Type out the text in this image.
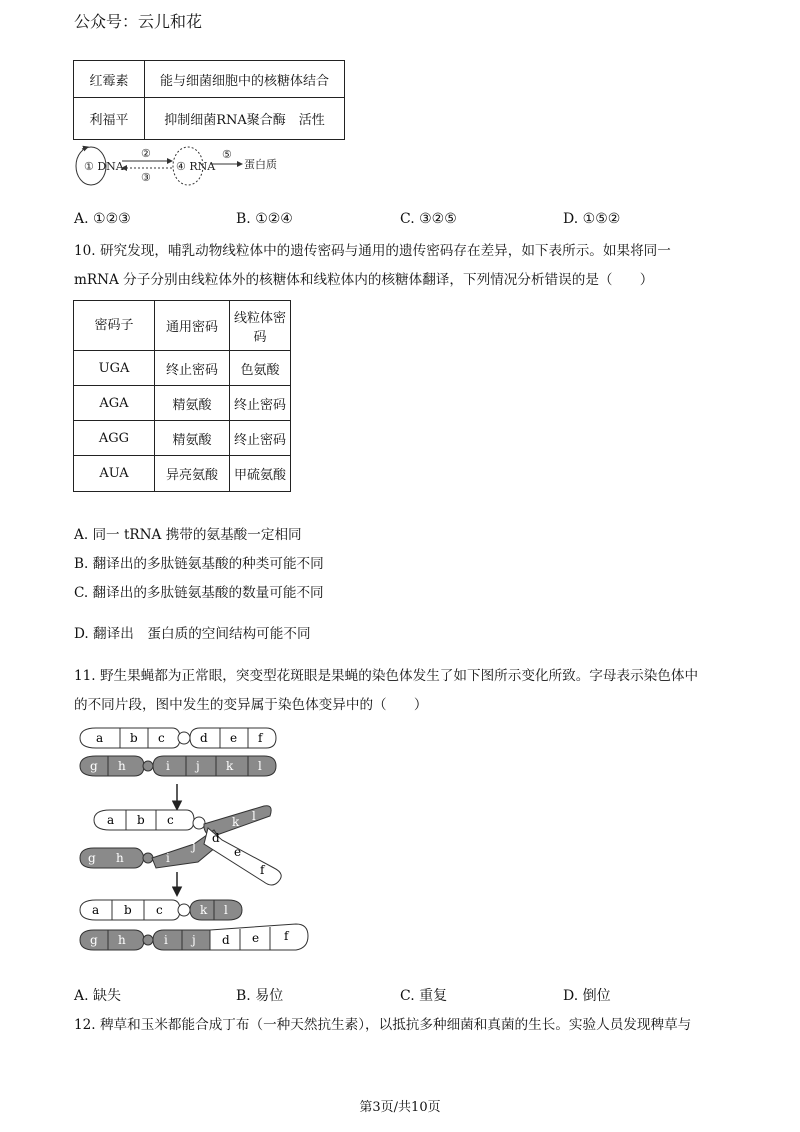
公众号：云儿和花
红霉素	能与细菌细胞中的核糖体结合
利福平	抑制细菌RNA聚合酶　活性
① DNA
②
③
④ RNA
⑤
蛋白质
A. ①②③	B. ①②④	C. ③②⑤	D. ①⑤②
10. 研究发现，哺乳动物线粒体中的遗传密码与通用的遗传密码存在差异，如下表所示。如果将同一
mRNA 分子分别由线粒体外的核糖体和线粒体内的核糖体翻译，下列情况分析错误的是（　　）
密码子	通用密码	线粒体密码
UGA	终止密码	色氨酸
AGA	精氨酸	终止密码
AGG	精氨酸	终止密码
AUA	异亮氨酸	甲硫氨酸
A. 同一 tRNA 携带的氨基酸一定相同
B. 翻译出的多肽链氨基酸的种类可能不同
C. 翻译出的多肽链氨基酸的数量可能不同
D. 翻译出　蛋白质的空间结构可能不同
11. 野生果蝇都为正常眼，突变型花斑眼是果蝇的染色体发生了如下图所示变化所致。字母表示染色体中
的不同片段，图中发生的变异属于染色体变异中的（　　）
a b c	d e f
g h	i j k l
a b c	k l
g h	i
j
d
e
f
a b c	k l
g h	i j d e f
A. 缺失	B. 易位	C. 重复	D. 倒位
12. 稗草和玉米都能合成丁布（一种天然抗生素），以抵抗多种细菌和真菌的生长。实验人员发现稗草与
第3页/共10页
